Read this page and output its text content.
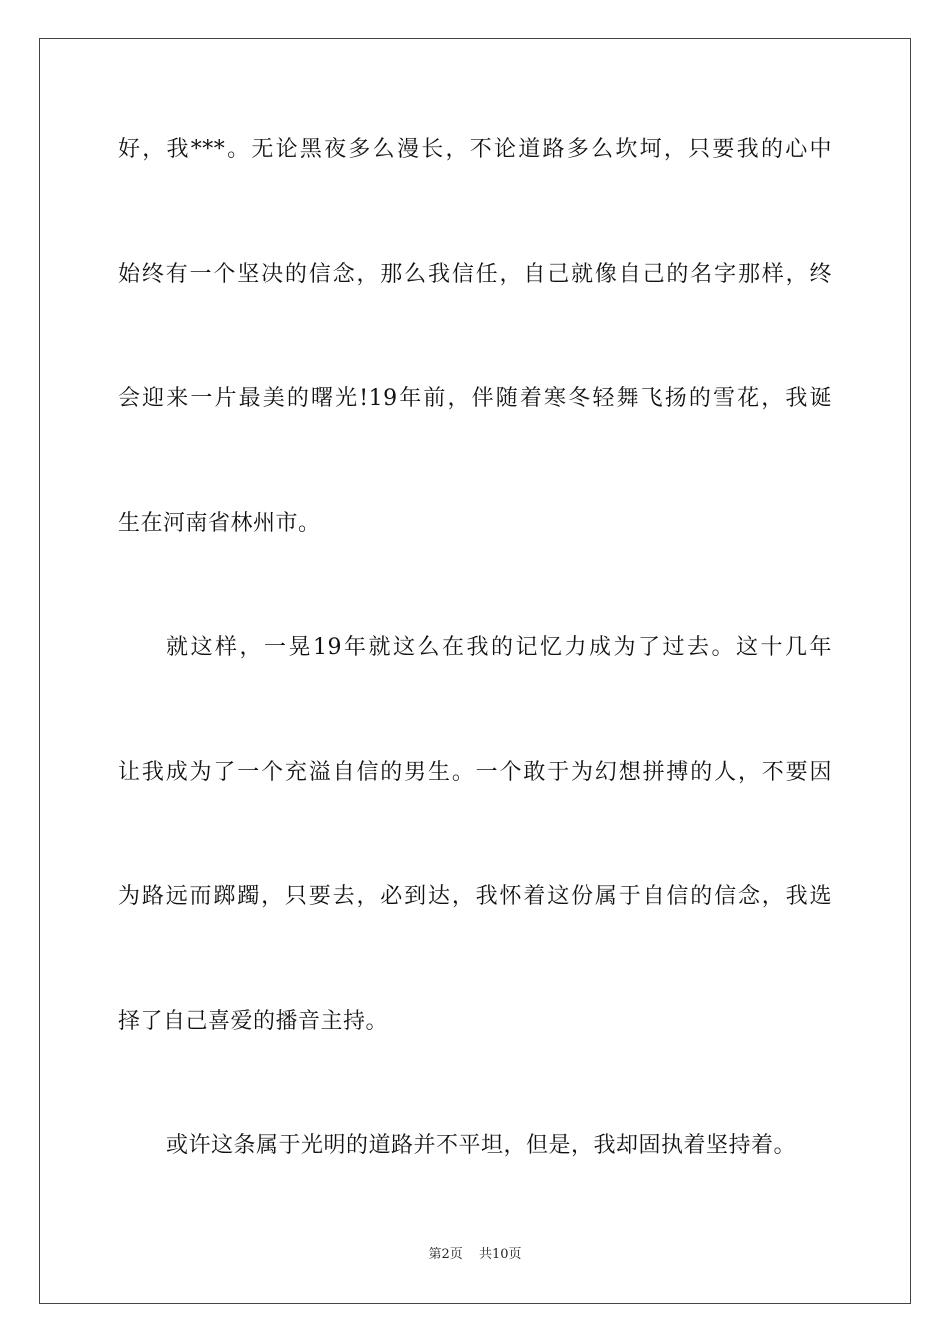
好，我***。无论黑夜多么漫长，不论道路多么坎坷，只要我的心中
始终有一个坚决的信念，那么我信任，自己就像自己的名字那样，终
会迎来一片最美的曙光!19年前，伴随着寒冬轻舞飞扬的雪花，我诞
生在河南省林州市。
就这样，一晃19年就这么在我的记忆力成为了过去。这十几年
让我成为了一个充溢自信的男生。一个敢于为幻想拼搏的人，不要因
为路远而踯躅，只要去，必到达，我怀着这份属于自信的信念，我选
择了自己喜爱的播音主持。
或许这条属于光明的道路并不平坦，但是，我却固执着坚持着。
第2页 共10页
